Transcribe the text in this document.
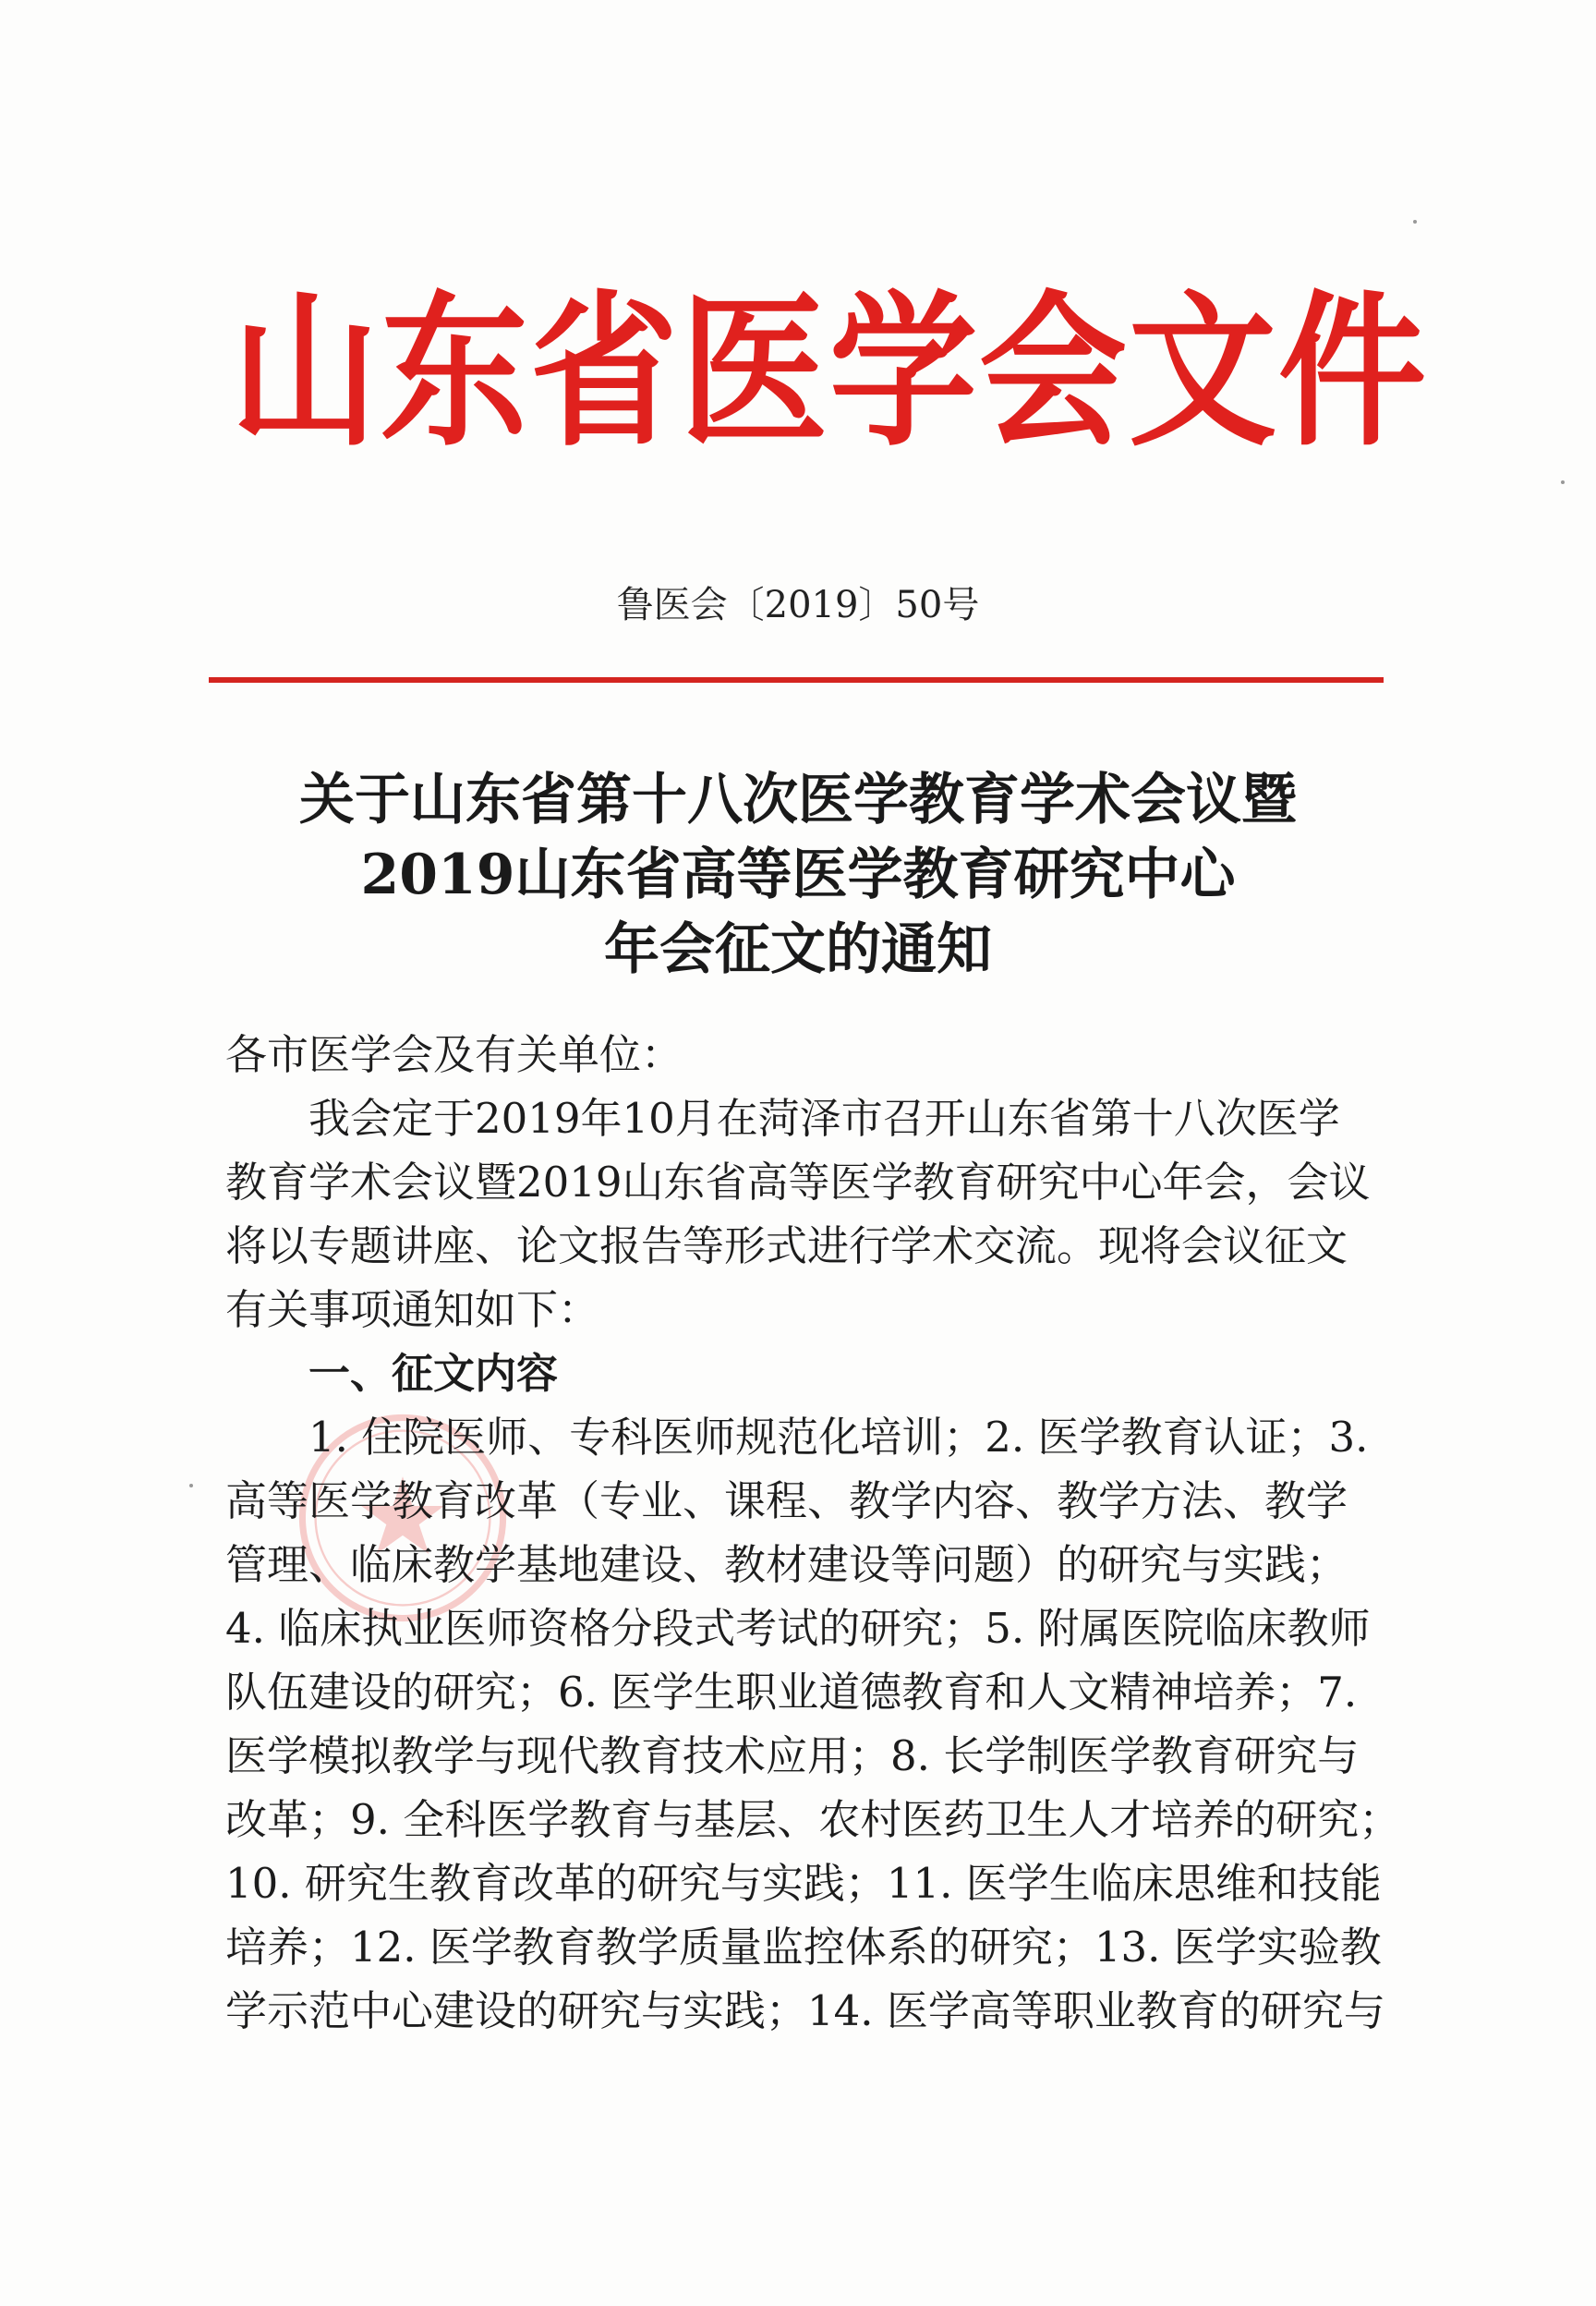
山东省医学会文件
鲁医会〔2019〕50号
关于山东省第十八次医学教育学术会议暨
2019山东省高等医学教育研究中心
年会征文的通知
各市医学会及有关单位：
我会定于2019年10月在菏泽市召开山东省第十八次医学
教育学术会议暨2019山东省高等医学教育研究中心年会，会议
将以专题讲座、论文报告等形式进行学术交流。现将会议征文
有关事项通知如下：
一、征文内容
1. 住院医师、专科医师规范化培训；2. 医学教育认证；3.
高等医学教育改革（专业、课程、教学内容、教学方法、教学
管理、临床教学基地建设、教材建设等问题）的研究与实践；
4. 临床执业医师资格分段式考试的研究；5. 附属医院临床教师
队伍建设的研究；6. 医学生职业道德教育和人文精神培养；7.
医学模拟教学与现代教育技术应用；8. 长学制医学教育研究与
改革；9. 全科医学教育与基层、农村医药卫生人才培养的研究；
10. 研究生教育改革的研究与实践；11. 医学生临床思维和技能
培养；12. 医学教育教学质量监控体系的研究；13. 医学实验教
学示范中心建设的研究与实践；14. 医学高等职业教育的研究与
